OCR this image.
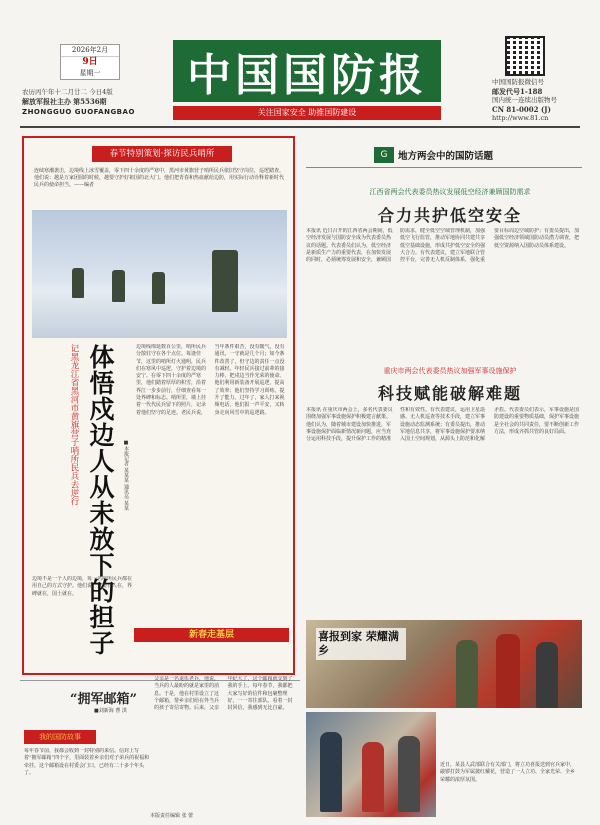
2026年2月
9日
星期一
农历丙午年十二月廿二 今日4版
解放军报社主办 第5536期
ZHONGGUO GUOFANGBAO
中国国防报
关注国家安全 助推国防建设
中国国防报微信号
邮发代号1-188
国内统一连续出版物号
CN 81-0002 (J)
http://www.81.cn
春节特别策划·探访民兵哨所
连续寒潮袭击，边境线上冰雪覆盖，零下四十余度的严寒中，黑河市黄旗营子哨所民兵依旧坚守岗位，巡逻踏查。他们说：越是万家团圆的时候，越要守护好祖国的北大门。他们把青春和热血献给边防，用实际行动诠释着新时代民兵的使命担当。——编者
记黑龙江省黑河市黄旗营子哨所民兵去逆行 体悟戍边人从未放下的担子	■本报记者 某某某 通讯员 某某
边境线绵延数百公里，哨所民兵分散驻守在各个点位。每逢佳节，这里的哨所灯火通明，民兵们在寒风中巡逻，守护着边境的安宁。在零下四十余度的严寒里，他们踏着厚厚的积雪，沿着界江一步步前行，仔细查看每一处界碑和标志。哨所里，墙上挂着一代代民兵留下的照片，记录着他们坚守的足迹。老民兵说，当年条件艰苦，没有暖气，没有通讯，一守就是几个月；如今条件改善了，但守边的责任一点没有减轻。年轻民兵接过前辈的接力棒，把戍边当作光荣的使命。他们利用新装备开展巡逻，提高了效率；他们坚持学习训练，提升了能力。过年了，家人打来视频电话，他们报一声平安，又转身走向风雪中的巡逻路。
边境不是一个人的边境，每一名哨所民兵都在用自己的方式守护。他们说，只要有人在，界碑就在，国土就在。
新春走基层
G	地方两会中的国防话题
江西省两会代表委员热议发展低空经济兼顾国防需求
合力共护低空安全
本报讯 近日召开的江西省两会期间，低空经济发展与国防安全成为代表委员热议的话题。代表委员们认为，低空经济是新质生产力的重要代表，在加快发展的同时，必须统筹发展和安全，兼顾国防需求，健全低空空域管理机制，加强低空飞行监管，推动军地协同共建共享低空基础设施，形成共护低空安全的强大合力。有代表建议，建立军地联合管控平台，完善无人机反制体系，强化重要目标周边空域防护；有委员提出，加强低空经济领域国防动员潜力调查，把低空资源纳入国防动员体系建设。
重庆市两会代表委员热议加强军事设施保护
科技赋能破解难题
本报讯 在重庆市两会上，多名代表委员围绕加强军事设施保护积极建言献策。他们认为，随着城市建设加快推进，军事设施保护面临新情况新问题，应当充分运用科技手段，提升保护工作的精准性和有效性。有代表建议，运用卫星遥感、无人机巡查等技术手段，建立军事设施动态监测系统；有委员提出，推动军地信息共享，将军事设施保护要求纳入国土空间规划，从源头上防范和化解矛盾。代表委员们表示，军事设施是国防建设的重要物质基础，保护军事设施是全社会的共同责任，要不断创新工作方法，形成齐抓共管的良好局面。
喜报到家 荣耀满乡
近日，某县人武部联合有关部门，将立功喜报送到官兵家中，敲锣打鼓为军属披红戴花，营造了一人立功、全家光荣、全乡荣耀的浓厚氛围。
“拥军邮箱”
■刘新海 曹 淇
我的国防故事
每年春节前，我都会收到一封特别的来信。信封上写着“拥军邮箱”四个字，里面装着乡亲们对子弟兵的祝福和牵挂。这个邮箱设在村委会门口，已经有二十多个年头了。
父亲是一名退伍老兵，他说，当兵的人最盼的就是家里的消息。于是，他在村里设立了这个邮箱，帮乡亲们给在外当兵的孩子寄信寄物。后来，父亲年纪大了，这个邮箱就交到了我的手上。每年春节，我都把大家写好的信件和包裹整理好，一一寄往部队。看着一封封回信，我感到无比自豪。
本版责任编辑 张 蕾
